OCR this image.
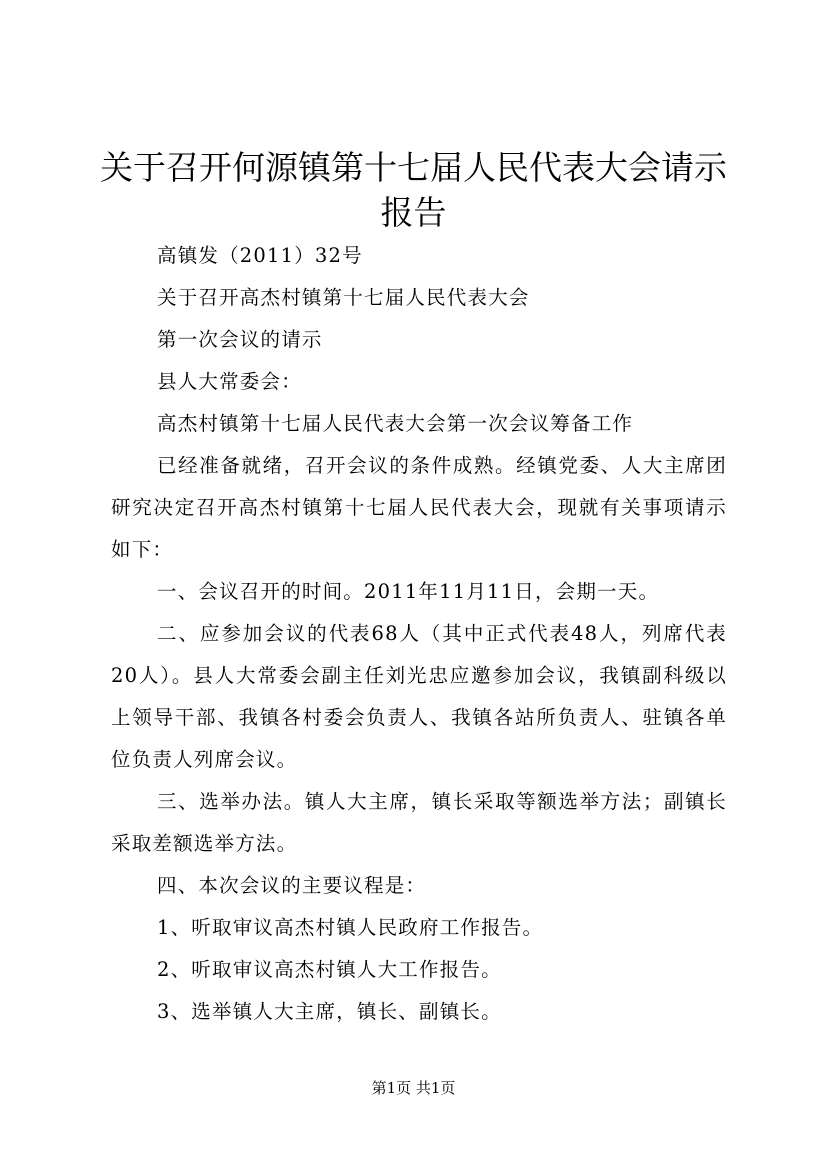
关于召开何源镇第十七届人民代表大会请示报告

高镇发（2011）32号

关于召开高杰村镇第十七届人民代表大会

第一次会议的请示

县人大常委会：

高杰村镇第十七届人民代表大会第一次会议筹备工作

已经准备就绪，召开会议的条件成熟。经镇党委、人大主席团研究决定召开高杰村镇第十七届人民代表大会，现就有关事项请示如下：

一、会议召开的时间。2011年11月11日，会期一天。

二、应参加会议的代表68人（其中正式代表48人，列席代表20人）。县人大常委会副主任刘光忠应邀参加会议，我镇副科级以上领导干部、我镇各村委会负责人、我镇各站所负责人、驻镇各单位负责人列席会议。

三、选举办法。镇人大主席，镇长采取等额选举方法；副镇长采取差额选举方法。

四、本次会议的主要议程是：

1、听取审议高杰村镇人民政府工作报告。

2、听取审议高杰村镇人大工作报告。

3、选举镇人大主席，镇长、副镇长。

第1页 共1页
